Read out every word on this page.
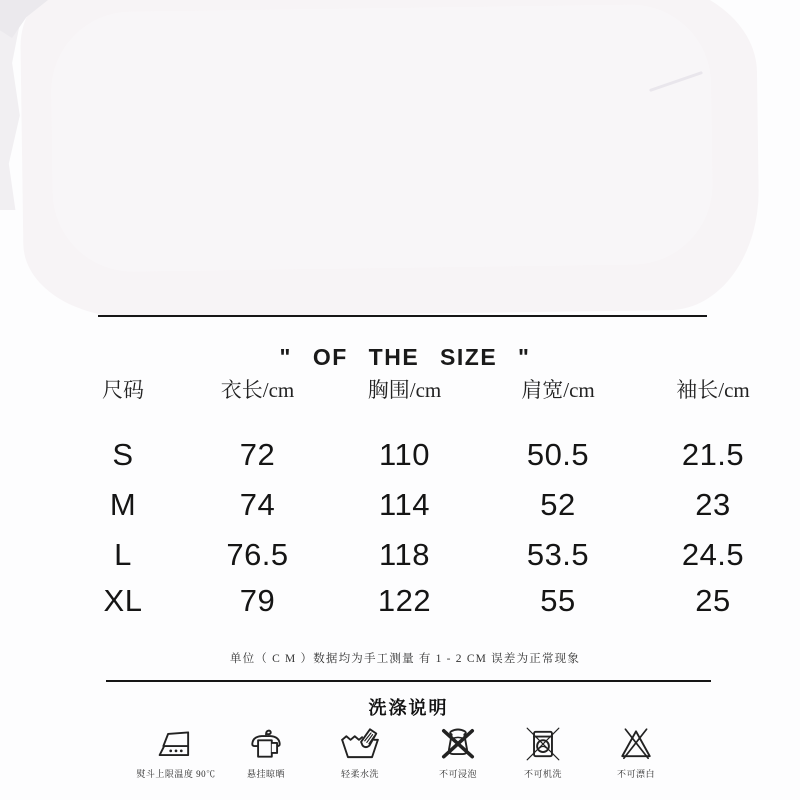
" OF THE SIZE "
尺码	衣长/cm	胸围/cm	肩宽/cm	袖长/cm
S	72	110	50.5	21.5
M	74	114	52	23
L	76.5	118	53.5	24.5
XL	79	122	55	25
单位（ C M ）数据均为手工测量 有 1 - 2 CM 误差为正常现象
洗涤说明
熨斗上限温度 90℃	悬挂晾晒	轻柔水洗	不可浸泡	不可机洗	不可漂白
